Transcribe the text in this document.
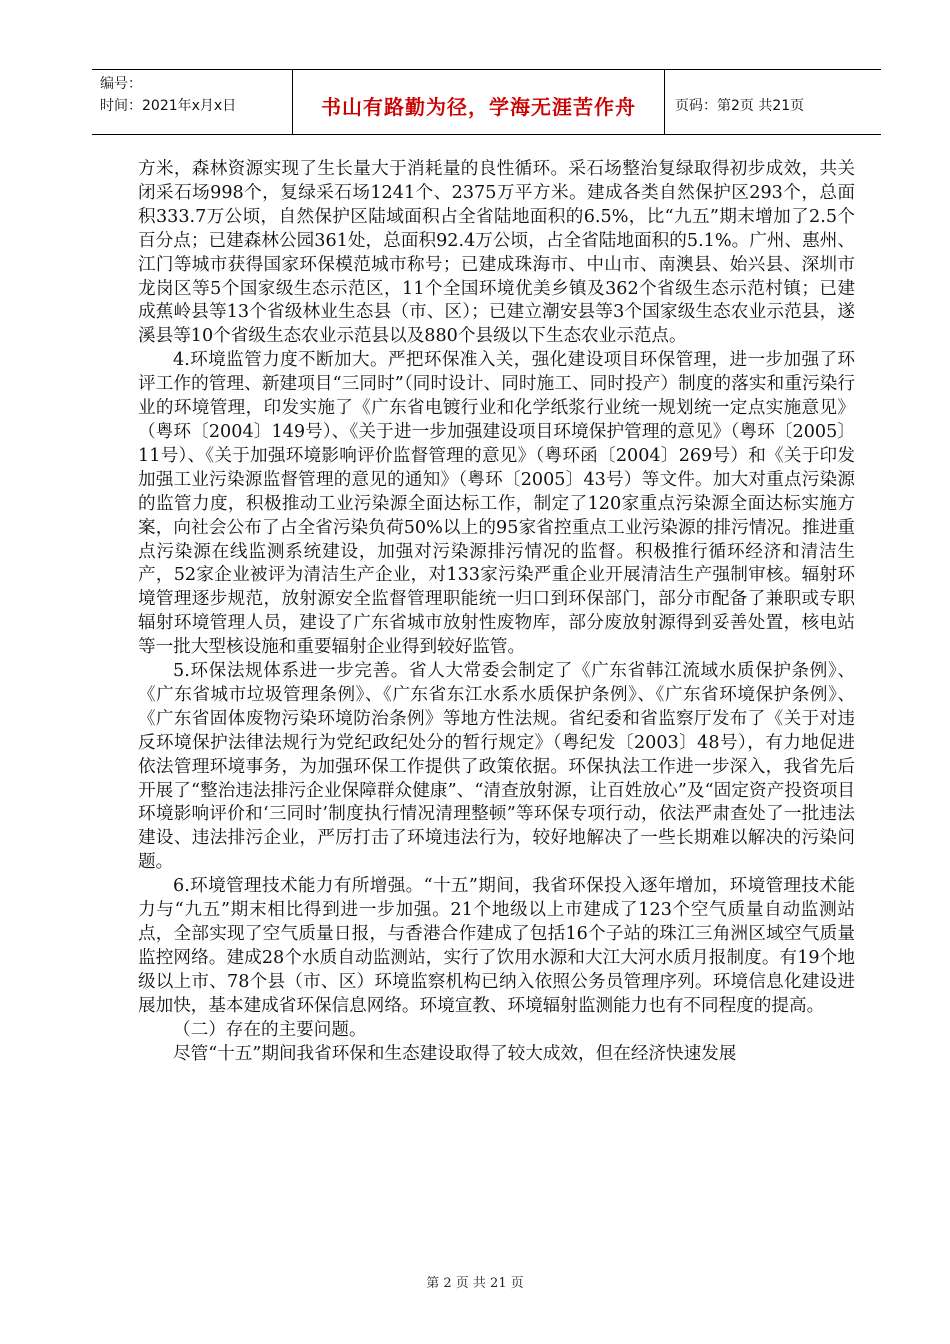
编号：
时间：2021年x月x日	书山有路勤为径，学海无涯苦作舟	页码：第2页 共21页

方米，森林资源实现了生长量大于消耗量的良性循环。采石场整治复绿取得初步成效，共关闭采石场998个，复绿采石场1241个、2375万平方米。建成各类自然保护区293个，总面积333.7万公顷，自然保护区陆域面积占全省陆地面积的6.5%，比“九五”期末增加了2.5个百分点；已建森林公园361处，总面积92.4万公顷，占全省陆地面积的5.1%。广州、惠州、江门等城市获得国家环保模范城市称号；已建成珠海市、中山市、南澳县、始兴县、深圳市龙岗区等5个国家级生态示范区，11个全国环境优美乡镇及362个省级生态示范村镇；已建成蕉岭县等13个省级林业生态县（市、区）；已建立潮安县等3个国家级生态农业示范县，遂溪县等10个省级生态农业示范县以及880个县级以下生态农业示范点。

4.环境监管力度不断加大。严把环保准入关，强化建设项目环保管理，进一步加强了环评工作的管理、新建项目“三同时”（同时设计、同时施工、同时投产）制度的落实和重污染行业的环境管理，印发实施了《广东省电镀行业和化学纸浆行业统一规划统一定点实施意见》（粤环〔2004〕149号）、《关于进一步加强建设项目环境保护管理的意见》（粤环〔2005〕11号）、《关于加强环境影响评价监督管理的意见》（粤环函〔2004〕269号）和《关于印发加强工业污染源监督管理的意见的通知》（粤环〔2005〕43号）等文件。加大对重点污染源的监管力度，积极推动工业污染源全面达标工作，制定了120家重点污染源全面达标实施方案，向社会公布了占全省污染负荷50%以上的95家省控重点工业污染源的排污情况。推进重点污染源在线监测系统建设，加强对污染源排污情况的监督。积极推行循环经济和清洁生产，52家企业被评为清洁生产企业，对133家污染严重企业开展清洁生产强制审核。辐射环境管理逐步规范，放射源安全监督管理职能统一归口到环保部门，部分市配备了兼职或专职辐射环境管理人员，建设了广东省城市放射性废物库，部分废放射源得到妥善处置，核电站等一批大型核设施和重要辐射企业得到较好监管。

5.环保法规体系进一步完善。省人大常委会制定了《广东省韩江流域水质保护条例》、《广东省城市垃圾管理条例》、《广东省东江水系水质保护条例》、《广东省环境保护条例》、《广东省固体废物污染环境防治条例》等地方性法规。省纪委和省监察厅发布了《关于对违反环境保护法律法规行为党纪政纪处分的暂行规定》（粤纪发〔2003〕48号），有力地促进依法管理环境事务，为加强环保工作提供了政策依据。环保执法工作进一步深入，我省先后开展了“整治违法排污企业保障群众健康”、“清查放射源，让百姓放心”及“固定资产投资项目环境影响评价和‘三同时’制度执行情况清理整顿”等环保专项行动，依法严肃查处了一批违法建设、违法排污企业，严厉打击了环境违法行为，较好地解决了一些长期难以解决的污染问题。

6.环境管理技术能力有所增强。“十五”期间，我省环保投入逐年增加，环境管理技术能力与“九五”期末相比得到进一步加强。21个地级以上市建成了123个空气质量自动监测站点，全部实现了空气质量日报，与香港合作建成了包括16个子站的珠江三角洲区域空气质量监控网络。建成28个水质自动监测站，实行了饮用水源和大江大河水质月报制度。有19个地级以上市、78个县（市、区）环境监察机构已纳入依照公务员管理序列。环境信息化建设进展加快，基本建成省环保信息网络。环境宣教、环境辐射监测能力也有不同程度的提高。

（二）存在的主要问题。

尽管“十五”期间我省环保和生态建设取得了较大成效，但在经济快速发展

第 2 页 共 21 页
